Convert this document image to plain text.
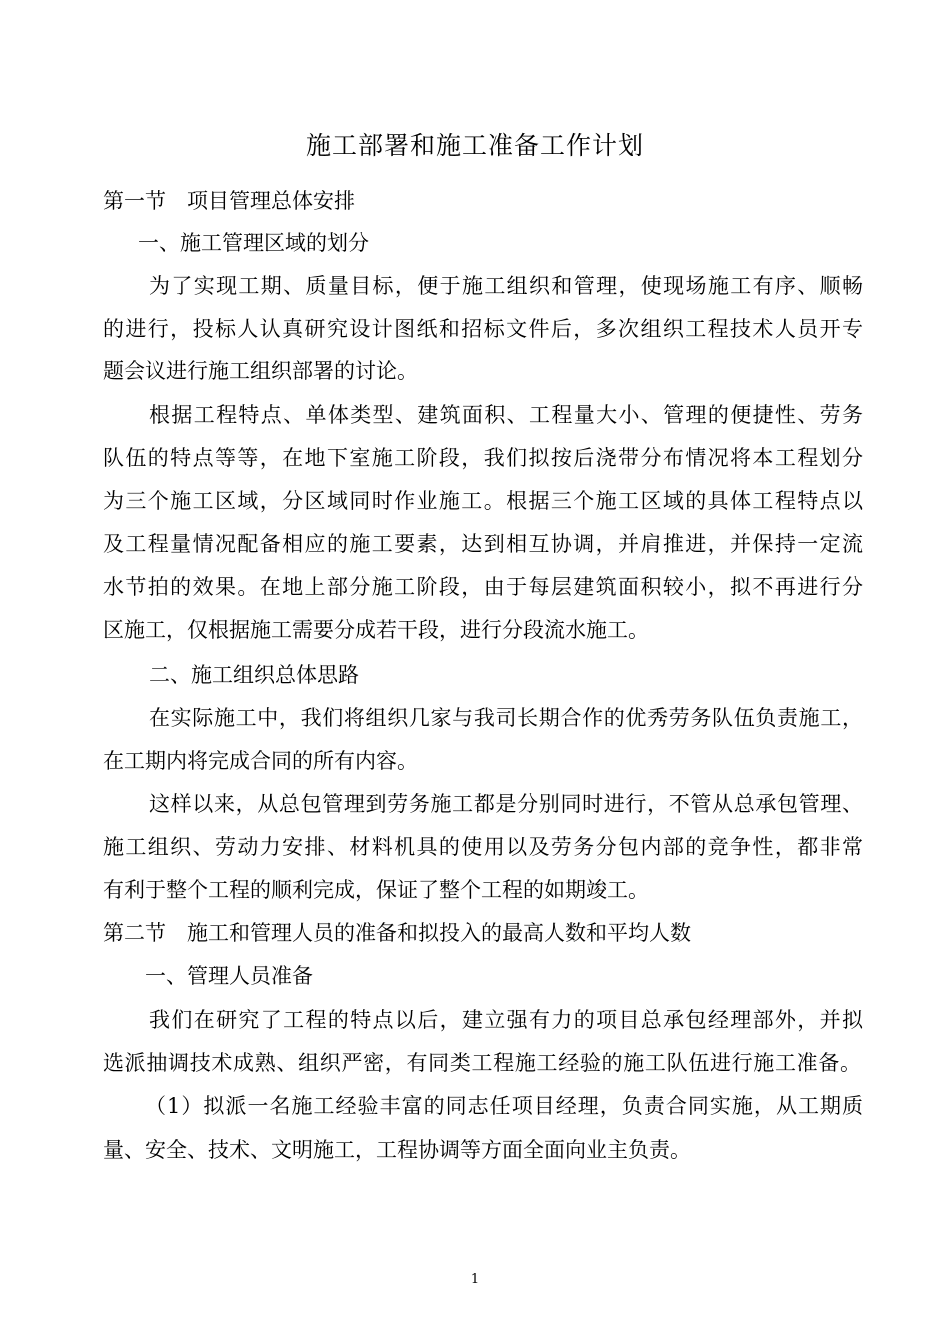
施工部署和施工准备工作计划
第一节　项目管理总体安排
一、施工管理区域的划分
为了实现工期、质量目标，便于施工组织和管理，使现场施工有序、顺畅
的进行，投标人认真研究设计图纸和招标文件后，多次组织工程技术人员开专
题会议进行施工组织部署的讨论。
根据工程特点、单体类型、建筑面积、工程量大小、管理的便捷性、劳务
队伍的特点等等，在地下室施工阶段，我们拟按后浇带分布情况将本工程划分
为三个施工区域，分区域同时作业施工。根据三个施工区域的具体工程特点以
及工程量情况配备相应的施工要素，达到相互协调，并肩推进，并保持一定流
水节拍的效果。在地上部分施工阶段，由于每层建筑面积较小，拟不再进行分
区施工，仅根据施工需要分成若干段，进行分段流水施工。
二、施工组织总体思路
在实际施工中，我们将组织几家与我司长期合作的优秀劳务队伍负责施工，
在工期内将完成合同的所有内容。
这样以来，从总包管理到劳务施工都是分别同时进行，不管从总承包管理、
施工组织、劳动力安排、材料机具的使用以及劳务分包内部的竞争性，都非常
有利于整个工程的顺利完成，保证了整个工程的如期竣工。
第二节　施工和管理人员的准备和拟投入的最高人数和平均人数
一、管理人员准备
我们在研究了工程的特点以后，建立强有力的项目总承包经理部外，并拟
选派抽调技术成熟、组织严密，有同类工程施工经验的施工队伍进行施工准备。
（1）拟派一名施工经验丰富的同志任项目经理，负责合同实施，从工期质
量、安全、技术、文明施工，工程协调等方面全面向业主负责。
1
